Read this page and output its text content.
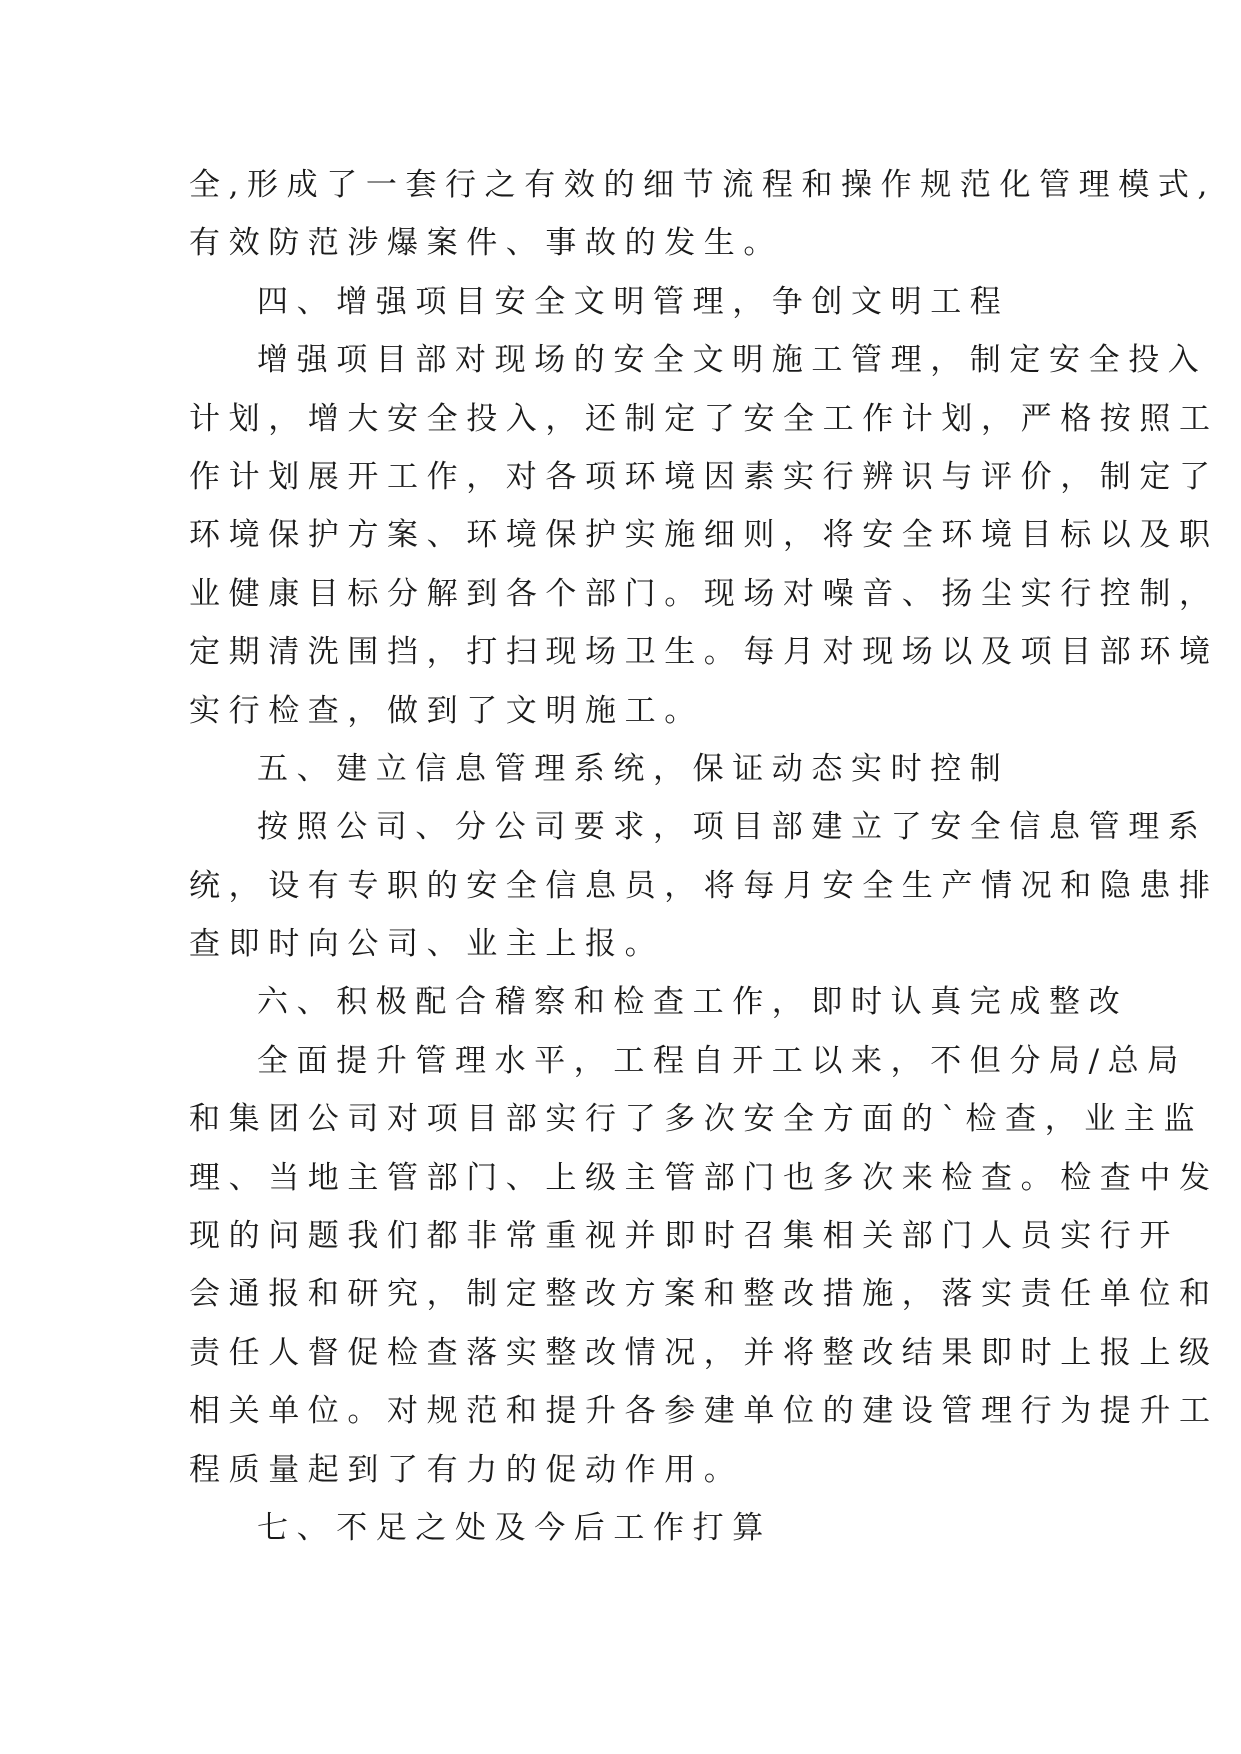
全,形成了一套行之有效的细节流程和操作规范化管理模式,
有效防范涉爆案件、事故的发生。
四、增强项目安全文明管理，争创文明工程
增强项目部对现场的安全文明施工管理，制定安全投入
计划，增大安全投入，还制定了安全工作计划，严格按照工
作计划展开工作，对各项环境因素实行辨识与评价，制定了
环境保护方案、环境保护实施细则，将安全环境目标以及职
业健康目标分解到各个部门。现场对噪音、扬尘实行控制，
定期清洗围挡，打扫现场卫生。每月对现场以及项目部环境
实行检查，做到了文明施工。
五、建立信息管理系统，保证动态实时控制
按照公司、分公司要求，项目部建立了安全信息管理系
统，设有专职的安全信息员，将每月安全生产情况和隐患排
查即时向公司、业主上报。
六、积极配合稽察和检查工作，即时认真完成整改
全面提升管理水平，工程自开工以来，不但分局/总局
和集团公司对项目部实行了多次安全方面的`检查，业主监
理、当地主管部门、上级主管部门也多次来检查。检查中发
现的问题我们都非常重视并即时召集相关部门人员实行开
会通报和研究，制定整改方案和整改措施，落实责任单位和
责任人督促检查落实整改情况，并将整改结果即时上报上级
相关单位。对规范和提升各参建单位的建设管理行为提升工
程质量起到了有力的促动作用。
七、不足之处及今后工作打算
